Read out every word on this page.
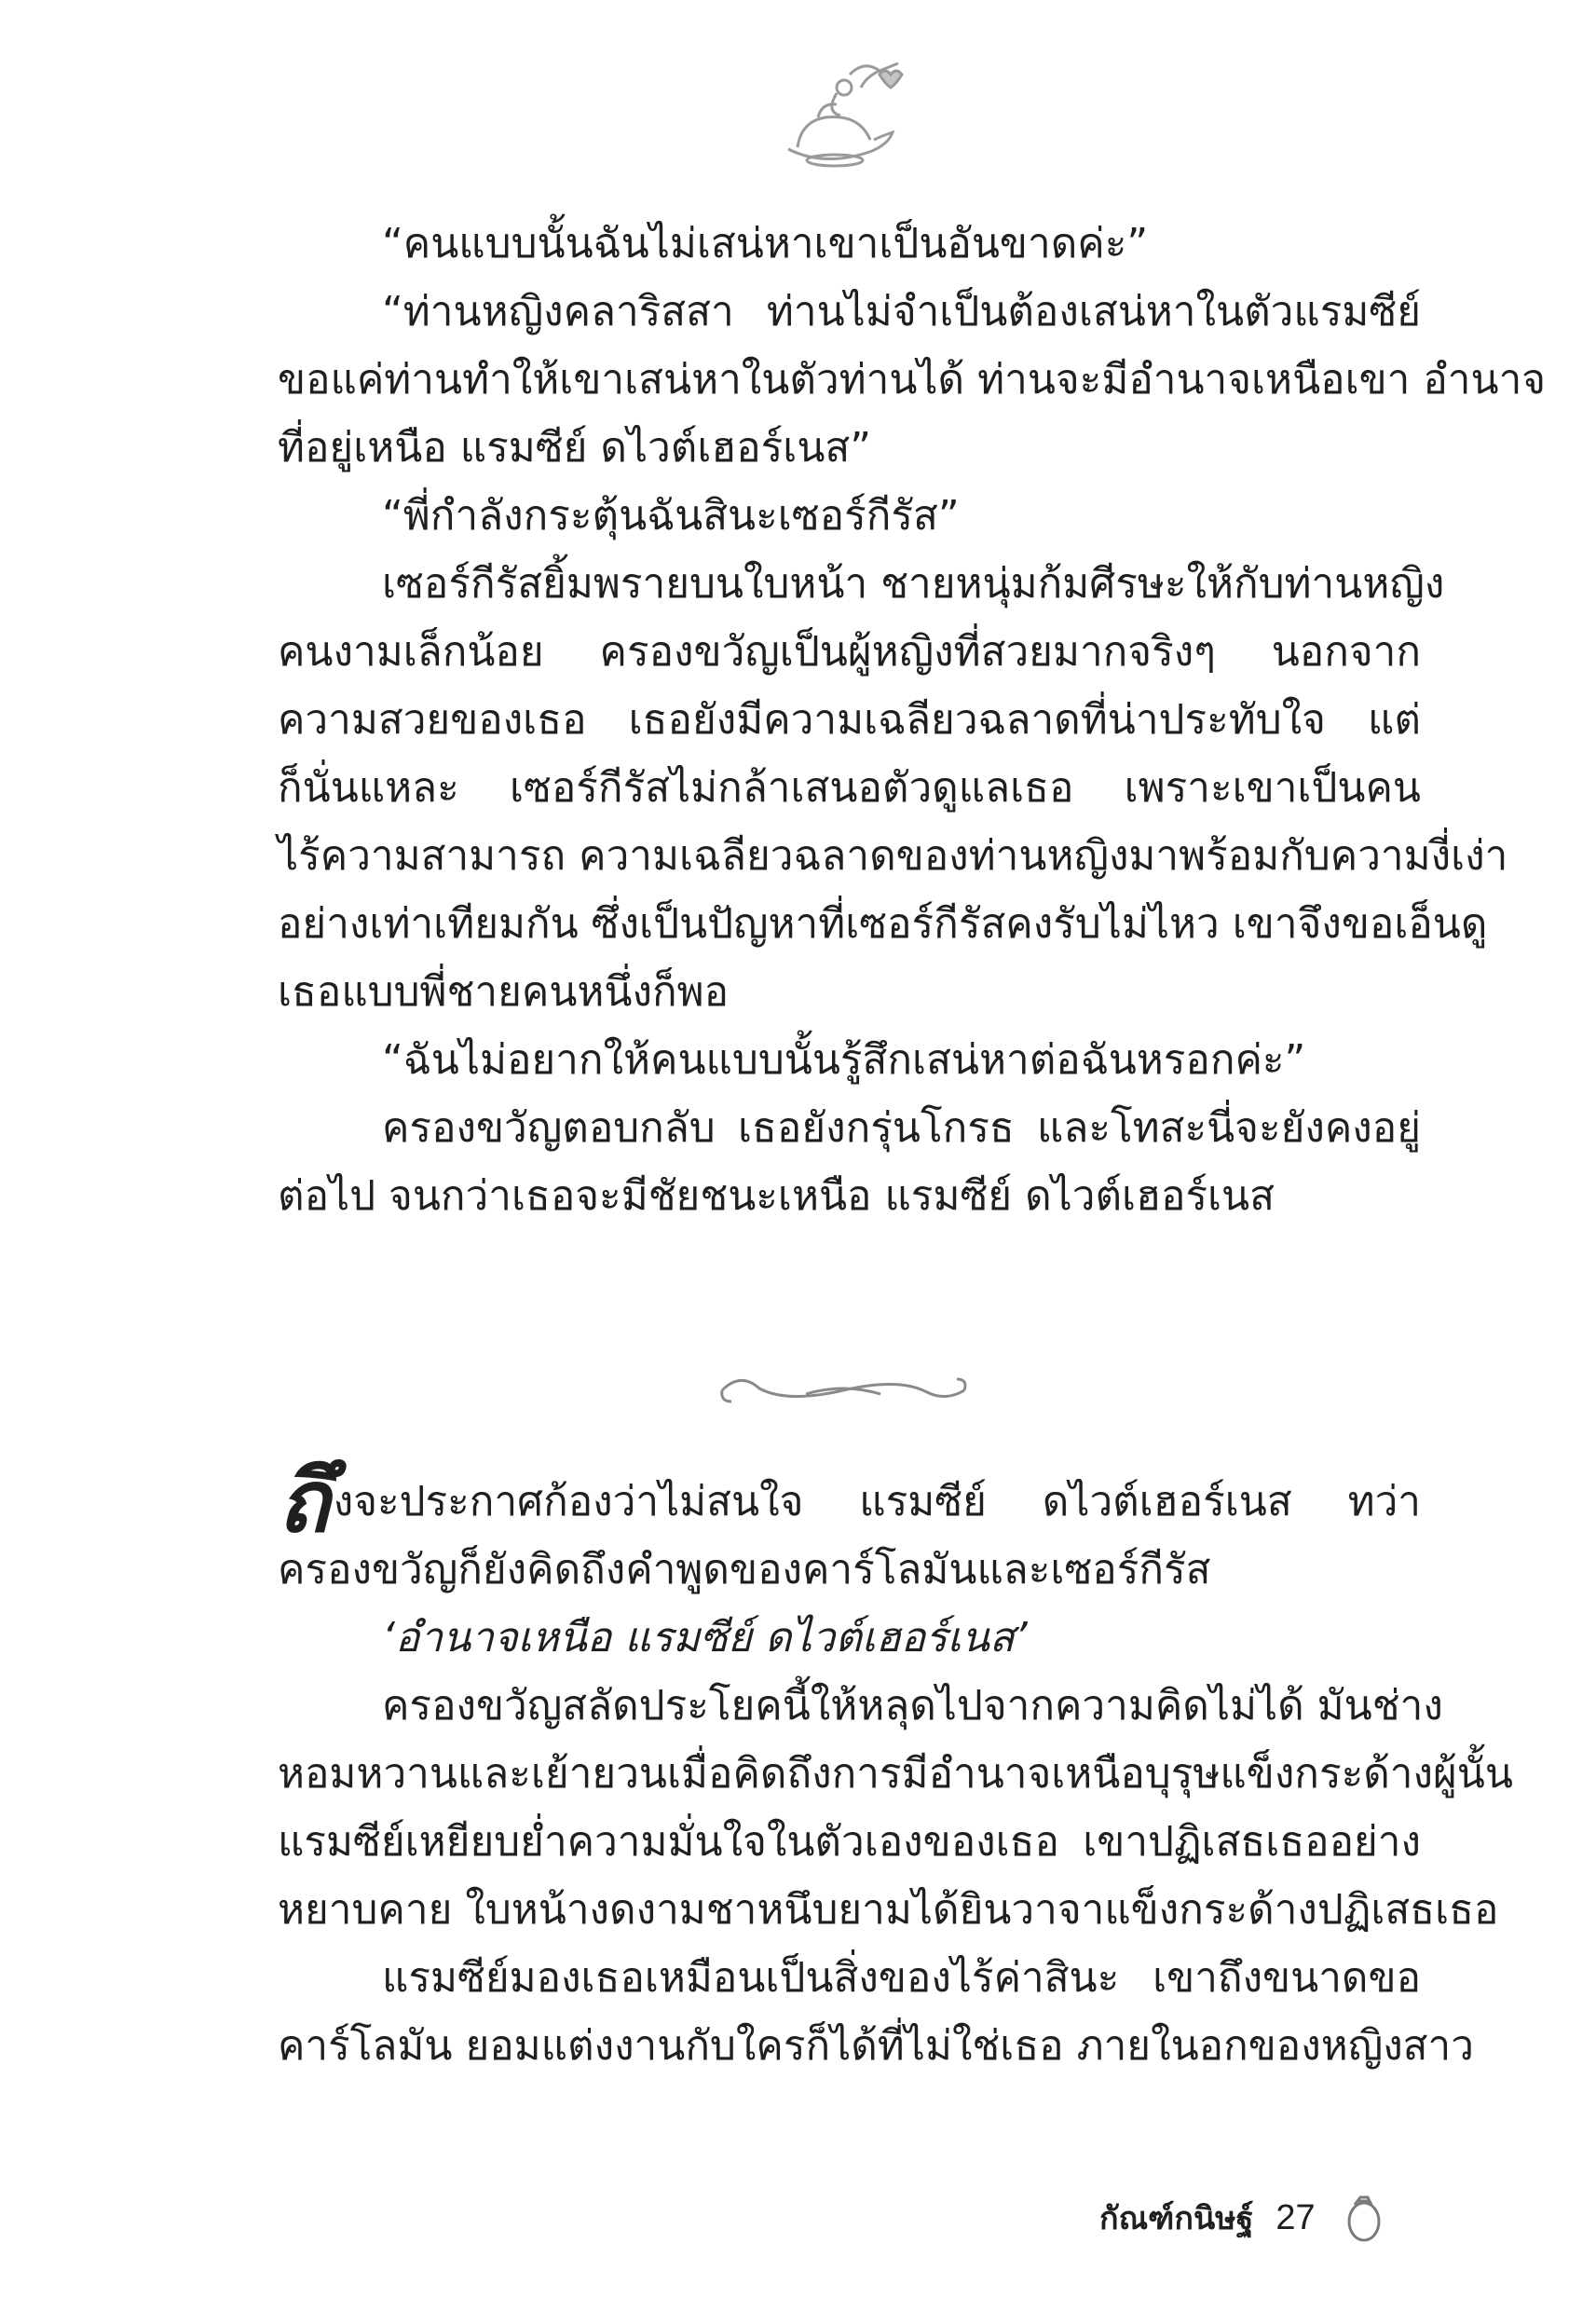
“คนแบบนั้นฉันไม่เสน่หาเขาเป็นอันขาดค่ะ”
“ท่านหญิงคลาริสสา ท่านไม่จำเป็นต้องเสน่หาในตัวแรมซีย์
ขอแค่ท่านทำให้เขาเสน่หาในตัวท่านได้ ท่านจะมีอำนาจเหนือเขา อำนาจ
ที่อยู่เหนือ แรมซีย์ ดไวต์เฮอร์เนส”
“พี่กำลังกระตุ้นฉันสินะเซอร์กีรัส”
เซอร์กีรัสยิ้มพรายบนใบหน้า ชายหนุ่มก้มศีรษะให้กับท่านหญิง
คนงามเล็กน้อย ครองขวัญเป็นผู้หญิงที่สวยมากจริงๆ นอกจาก
ความสวยของเธอ เธอยังมีความเฉลียวฉลาดที่น่าประทับใจ แต่
ก็นั่นแหละ เซอร์กีรัสไม่กล้าเสนอตัวดูแลเธอ เพราะเขาเป็นคน
ไร้ความสามารถ ความเฉลียวฉลาดของท่านหญิงมาพร้อมกับความงี่เง่า
อย่างเท่าเทียมกัน ซึ่งเป็นปัญหาที่เซอร์กีรัสคงรับไม่ไหว เขาจึงขอเอ็นดู
เธอแบบพี่ชายคนหนึ่งก็พอ
“ฉันไม่อยากให้คนแบบนั้นรู้สึกเสน่หาต่อฉันหรอกค่ะ”
ถึงจะประกาศก้องว่าไม่สนใจ แรมซีย์ ดไวต์เฮอร์เนส ทว่า
ครองขวัญก็ยังคิดถึงคำพูดของคาร์โลมันและเซอร์กีรัส
‘อำนาจเหนือ แรมซีย์ ดไวต์เฮอร์เนส’
ครองขวัญสลัดประโยคนี้ให้หลุดไปจากความคิดไม่ได้ มันช่าง
หอมหวานและเย้ายวนเมื่อคิดถึงการมีอำนาจเหนือบุรุษแข็งกระด้างผู้นั้น
แรมซีย์เหยียบย่ำความมั่นใจในตัวเองของเธอ เขาปฏิเสธเธออย่าง
หยาบคาย ใบหน้างดงามชาหนึบยามได้ยินวาจาแข็งกระด้างปฏิเสธเธอ
แรมซีย์มองเธอเหมือนเป็นสิ่งของไร้ค่าสินะ เขาถึงขนาดขอ
คาร์โลมัน ยอมแต่งงานกับใครก็ได้ที่ไม่ใช่เธอ ภายในอกของหญิงสาว
กัณฑ์กนิษฐ์ 27
ครองขวัญตอบกลับ เธอยังกรุ่นโกรธ และโทสะนี่จะยังคงอยู่
ต่อไป จนกว่าเธอจะมีชัยชนะเหนือ แรมซีย์ ดไวต์เฮอร์เนส
